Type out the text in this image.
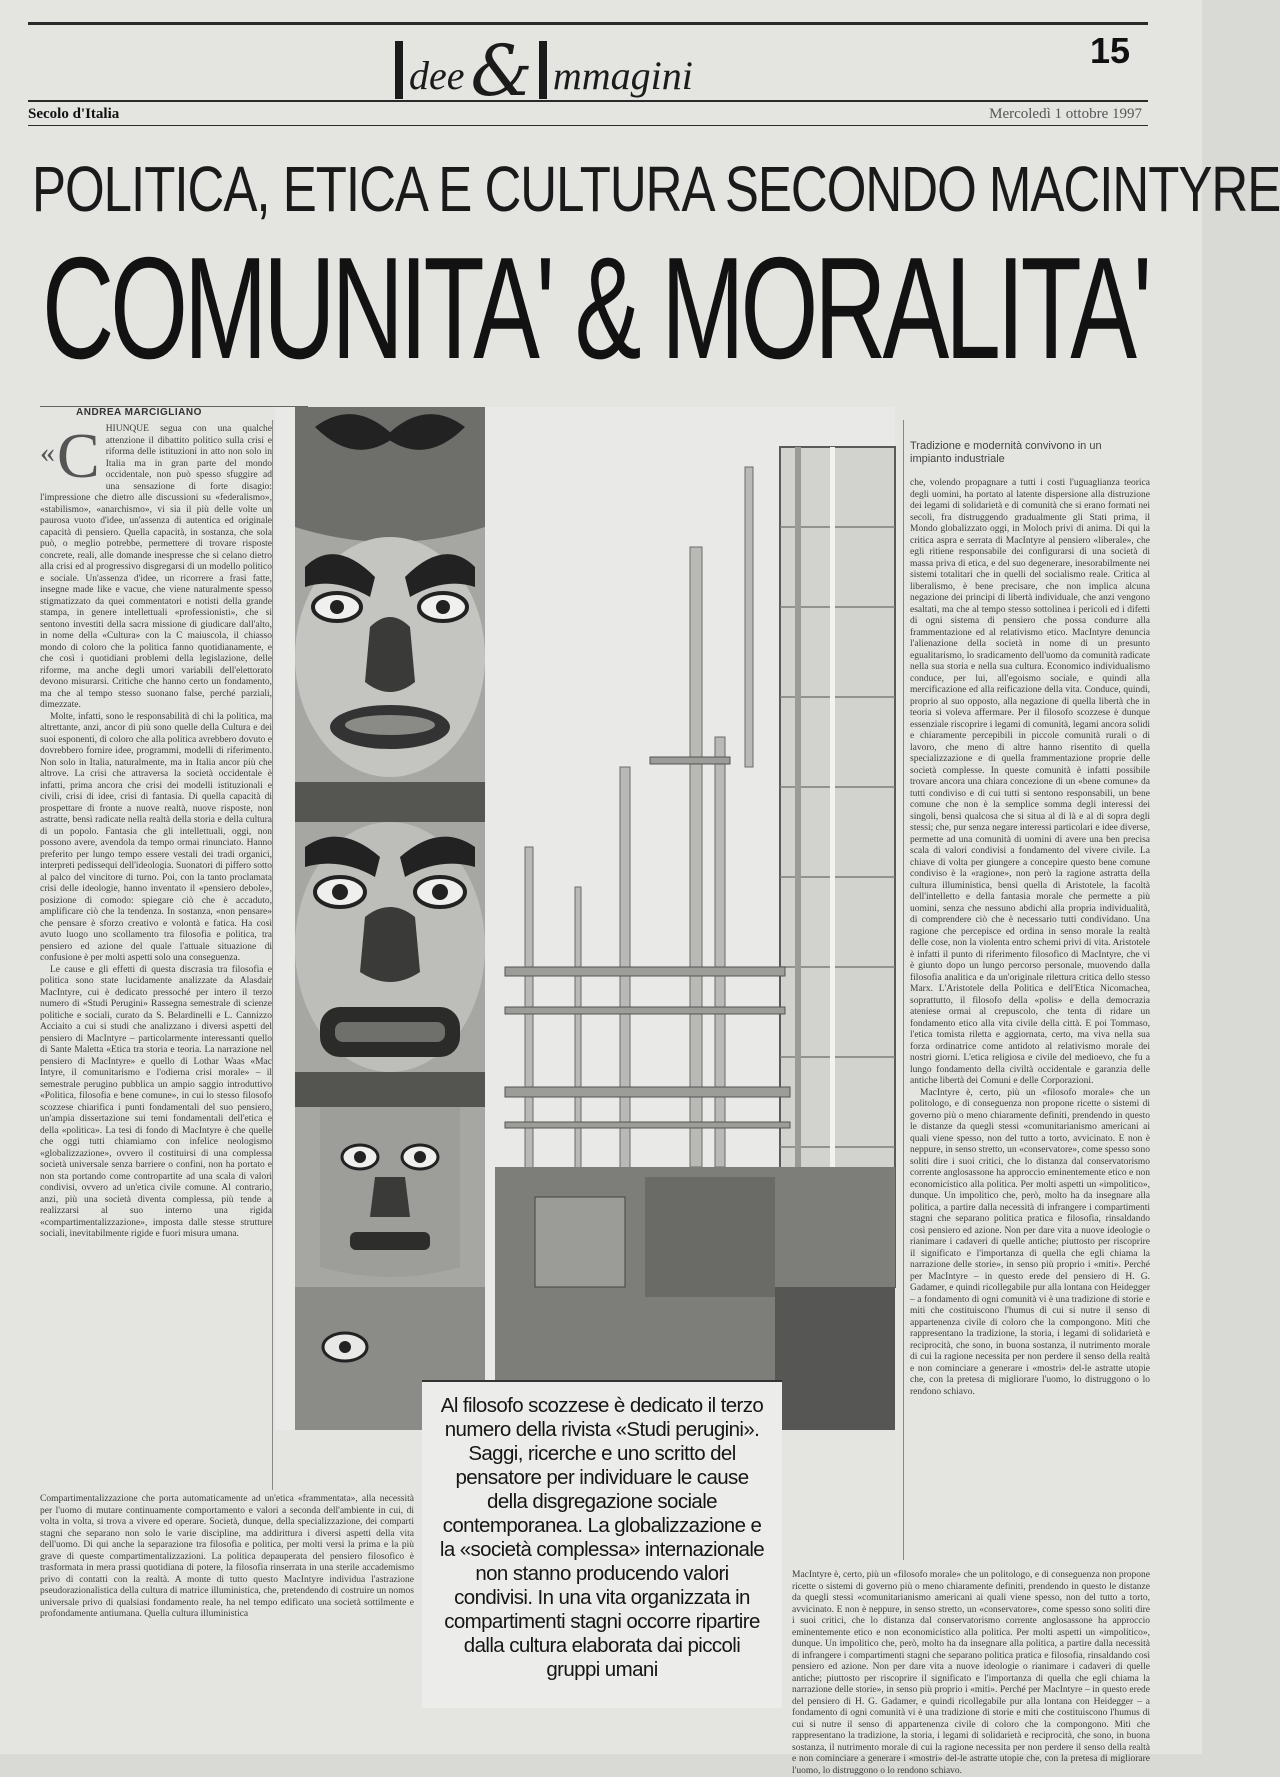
dee& mmagini
15
Secolo d'Italia	Mercoledì 1 ottobre 1997
POLITICA, ETICA E CULTURA SECONDO MACINTYRE
COMUNITA' & MORALITA'
ANDREA MARCIGLIANO
« C HIUNQUE segua con una qualche attenzione il dibattito politico sulla crisi e riforma delle istituzioni in atto non solo in Italia ma in gran parte del mondo occidentale, non può spesso sfuggire ad una sensazione di forte disagio: l'impressione che dietro alle discussioni su «federalismo», «stabilismo», «anarchismo», vi sia il più delle volte un paurosa vuoto d'idee, un'assenza di autentica ed originale capacità di pensiero. Quella capacità, in sostanza, che sola può, o meglio potrebbe, permettere di trovare risposte concrete, reali, alle domande inespresse che si celano dietro alla crisi ed al progressivo disgregarsi di un modello politico e sociale. Un'assenza d'idee, un ricorrere a frasi fatte, insegne made like e vacue, che viene naturalmente spesso stigmatizzato da quei commentatori e notisti della grande stampa, in genere intellettuali «professionisti», che si sentono investiti della sacra missione di giudicare dall'alto, in nome della «Cultura» con la C maiuscola, il chiasso mondo di coloro che la politica fanno quotidianamente, e che così i quotidiani problemi della legislazione, delle riforme, ma anche degli umori variabili dell'elettorato devono misurarsi. Critiche che hanno certo un fondamento, ma che al tempo stesso suonano false, perché parziali, dimezzate.

Molte, infatti, sono le responsabilità di chi la politica, ma altrettante, anzi, ancor di più sono quelle della Cultura e dei suoi esponenti, di coloro che alla politica avrebbero dovuto e dovrebbero fornire idee, programmi, modelli di riferimento. Non solo in Italia, naturalmente, ma in Italia ancor più che altrove. La crisi che attraversa la società occidentale è infatti, prima ancora che crisi dei modelli istituzionali e civili, crisi di idee, crisi di fantasia. Di quella capacità di prospettare di fronte a nuove realtà, nuove risposte, non astratte, bensì radicate nella realtà della storia e della cultura di un popolo. Fantasia che gli intellettuali, oggi, non possono avere, avendola da tempo ormai rinunciato. Hanno preferito per lungo tempo essere vestali dei tradi organici, interpreti pedissequi dell'ideologia. Suonatori di piffero sotto al palco del vincitore di turno. Poi, con la tanto proclamata crisi delle ideologie, hanno inventato il «pensiero debole», posizione di comodo: spiegare ciò che è accaduto, amplificare ciò che la tendenza. In sostanza, «non pensare» che pensare è sforzo creativo e volontà e fatica. Ha così avuto luogo uno scollamento tra filosofia e politica, tra pensiero ed azione del quale l'attuale situazione di confusione è per molti aspetti solo una conseguenza.

Le cause e gli effetti di questa discrasia tra filosofia e politica sono state lucidamente analizzate da Alasdair MacIntyre, cui è dedicato pressoché per intero il terzo numero di «Studi Perugini» Rassegna semestrale di scienze politiche e sociali, curato da S. Belardinelli e L. Cannizzo Acciaito a cui si studi che analizzano i diversi aspetti del pensiero di MacIntyre – particolarmente interessanti quello di Sante Maletta «Etica tra storia e teoria. La narrazione nel pensiero di MacIntyre» e quello di Lothar Waas «Mac Intyre, il comunitarismo e l'odierna crisi morale» – il semestrale perugino pubblica un ampio saggio introduttivo «Politica, filosofia e bene comune», in cui lo stesso filosofo scozzese chiarifica i punti fondamentali del suo pensiero, un'ampia dissertazione sui temi fondamentali dell'etica e della «politica». La tesi di fondo di MacIntyre è che quelle che oggi tutti chiamiamo con infelice neologismo «globalizzazione», ovvero il costituirsi di una complessa società universale senza barriere o confini, non ha portato e non sta portando come contropartite ad una scala di valori condivisi, ovvero ad un'etica civile comune. Al contrario, anzi, più una società diventa complessa, più tende a realizzarsi al suo interno una rigida «compartimentalizzazione», imposta dalle stesse strutture sociali, inevitabilmente rigide e fuori misura umana.

Compartimentalizzazione che porta automaticamente ad un'etica «frammentata», alla necessità per l'uomo di mutare continuamente comportamento e valori a seconda dell'ambiente in cui, di volta in volta, si trova a vivere ed operare. Società, dunque, della specializzazione, dei comparti stagni che separano non solo le varie discipline, ma addirittura i diversi aspetti della vita dell'uomo. Di qui anche la separazione tra filosofia e politica, per molti versi la prima e la più grave di queste compartimentalizzazioni. La politica depauperata del pensiero filosofico è trasformata in mera prassi quotidiana di potere, la filosofia rinserrata in una sterile accademismo privo di contatti con la realtà. A monte di tutto questo MacIntyre individua l'astrazione pseudorazionalistica della cultura di matrice illuministica, che, pretendendo di costruire un nomos universale privo di qualsiasi fondamento reale, ha nel tempo edificato una società sottilmente e profondamente antiumana. Quella cultura illuministica

Tradizione e modernità convivono in un impianto industriale

che, volendo propagnare a tutti i costi l'uguaglianza teorica degli uomini, ha portato al latente dispersione alla distruzione dei legami di solidarietà e di comunità che si erano formati nei secoli, fra distruggendo gradualmente gli Stati prima, il Mondo globalizzato oggi, in Moloch privi di anima. Di qui la critica aspra e serrata di MacIntyre al pensiero «liberale», che egli ritiene responsabile dei configurarsi di una società di massa priva di etica, e del suo degenerare, inesorabilmente nei sistemi totalitari che in quelli del socialismo reale. Critica al liberalismo, è bene precisare, che non implica alcuna negazione dei principi di libertà individuale, che anzi vengono esaltati, ma che al tempo stesso sottolinea i pericoli ed i difetti di ogni sistema di pensiero che possa condurre alla frammentazione ed al relativismo etico. MacIntyre denuncia l'alienazione della società in nome di un presunto egualitarismo, lo sradicamento dell'uomo da comunità radicate nella sua storia e nella sua cultura. Economico individualismo conduce, per lui, all'egoismo sociale, e quindi alla mercificazione ed alla reificazione della vita. Conduce, quindi, proprio al suo opposto, alla negazione di quella libertà che in teoria si voleva affermare. Per il filosofo scozzese è dunque essenziale riscoprire i legami di comunità, legami ancora solidi e chiaramente percepibili in piccole comunità rurali o di lavoro, che meno di altre hanno risentito di quella specializzazione e di quella frammentazione proprie delle società complesse. In queste comunità è infatti possibile trovare ancora una chiara concezione di un «bene comune» da tutti condiviso e di cui tutti si sentono responsabili, un bene comune che non è la semplice somma degli interessi dei singoli, bensì qualcosa che si situa al di là e al di sopra degli stessi; che, pur senza negare interessi particolari e idee diverse, permette ad una comunità di uomini di avere una ben precisa scala di valori condivisi a fondamento del vivere civile. La chiave di volta per giungere a concepire questo bene comune condiviso è la «ragione», non però la ragione astratta della cultura illuministica, bensì quella di Aristotele, la facoltà dell'intelletto e della fantasia morale che permette a più uomini, senza che nessuno abdichi alla propria individualità, di comprendere ciò che è necessario tutti condividano. Una ragione che percepisce ed ordina in senso morale la realtà delle cose, non la violenta entro schemi privi di vita. Aristotele è infatti il punto di riferimento filosofico di MacIntyre, che vi è giunto dopo un lungo percorso personale, muovendo dalla filosofia analitica e da un'originale rilettura critica dello stesso Marx. L'Aristotele della Politica e dell'Etica Nicomachea, soprattutto, il filosofo della «polis» e della democrazia ateniese ormai al crepuscolo, che tenta di ridare un fondamento etico alla vita civile della città. E poi Tommaso, l'etica tomista riletta e aggiornata, certo, ma viva nella sua forza ordinatrice come antidoto al relativismo morale dei nostri giorni. L'etica religiosa e civile del medioevo, che fu a lungo fondamento della civiltà occidentale e garanzia delle antiche libertà dei Comuni e delle Corporazioni.

MacIntyre è, certo, più un «filosofo morale» che un politologo, e di conseguenza non propone ricette o sistemi di governo più o meno chiaramente definiti, prendendo in questo le distanze da quegli stessi «comunitarianismo americani ai quali viene spesso, non del tutto a torto, avvicinato. E non è neppure, in senso stretto, un «conservatore», come spesso sono soliti dire i suoi critici, che lo distanza dal conservatorismo corrente anglosassone ha approccio eminentemente etico e non economicistico alla politica. Per molti aspetti un «impolitico», dunque. Un impolitico che, però, molto ha da insegnare alla politica, a partire dalla necessità di infrangere i compartimenti stagni che separano politica pratica e filosofia, rinsaldando così pensiero ed azione. Non per dare vita a nuove ideologie o rianimare i cadaveri di quelle antiche; piuttosto per riscoprire il significato e l'importanza di quella che egli chiama la narrazione delle storie», in senso più proprio i «miti». Perché per MacIntyre – in questo erede del pensiero di H. G. Gadamer, e quindi ricollegabile pur alla lontana con Heidegger – a fondamento di ogni comunità vi è una tradizione di storie e miti che costituiscono l'humus di cui si nutre il senso di appartenenza civile di coloro che la compongono. Miti che rappresentano la tradizione, la storia, i legami di solidarietà e reciprocità, che sono, in buona sostanza, il nutrimento morale di cui la ragione necessita per non perdere il senso della realtà e non cominciare a generare i «mostri» del-le astratte utopie che, con la pretesa di migliorare l'uomo, lo distruggono o lo rendono schiavo.

MacIntyre è, certo, più un «filosofo morale» che un politologo, e di conseguenza non propone ricette o sistemi di governo più o meno chiaramente definiti, prendendo in questo le distanze da quegli stessi «comunitarianismo americani ai quali viene spesso, non del tutto a torto, avvicinato. E non è neppure, in senso stretto, un «conservatore», come spesso sono soliti dire i suoi critici, che lo distanza dal conservatorismo corrente anglosassone ha approccio eminentemente etico e non economicistico alla politica. Per molti aspetti un «impolitico», dunque. Un impolitico che, però, molto ha da insegnare alla politica, a partire dalla necessità di infrangere i compartimenti stagni che separano politica pratica e filosofia, rinsaldando così pensiero ed azione. Non per dare vita a nuove ideologie o rianimare i cadaveri di quelle antiche; piuttosto per riscoprire il significato e l'importanza di quella che egli chiama la narrazione delle storie», in senso più proprio i «miti». Perché per MacIntyre – in questo erede del pensiero di H. G. Gadamer, e quindi ricollegabile pur alla lontana con Heidegger – a fondamento di ogni comunità vi è una tradizione di storie e miti che costituiscono l'humus di cui si nutre il senso di appartenenza civile di coloro che la compongono. Miti che rappresentano la tradizione, la storia, i legami di solidarietà e reciprocità, che sono, in buona sostanza, il nutrimento morale di cui la ragione necessita per non perdere il senso della realtà e non cominciare a generare i «mostri» del-le astratte utopie che, con la pretesa di migliorare l'uomo, lo distruggono o lo rendono schiavo.

Al filosofo scozzese è dedicato il terzo numero della rivista «Studi perugini». Saggi, ricerche e uno scritto del pensatore per individuare le cause della disgregazione sociale contemporanea. La globalizzazione e la «società complessa» internazionale non stanno producendo valori condivisi. In una vita organizzata in compartimenti stagni occorre ripartire dalla cultura elaborata dai piccoli gruppi umani
